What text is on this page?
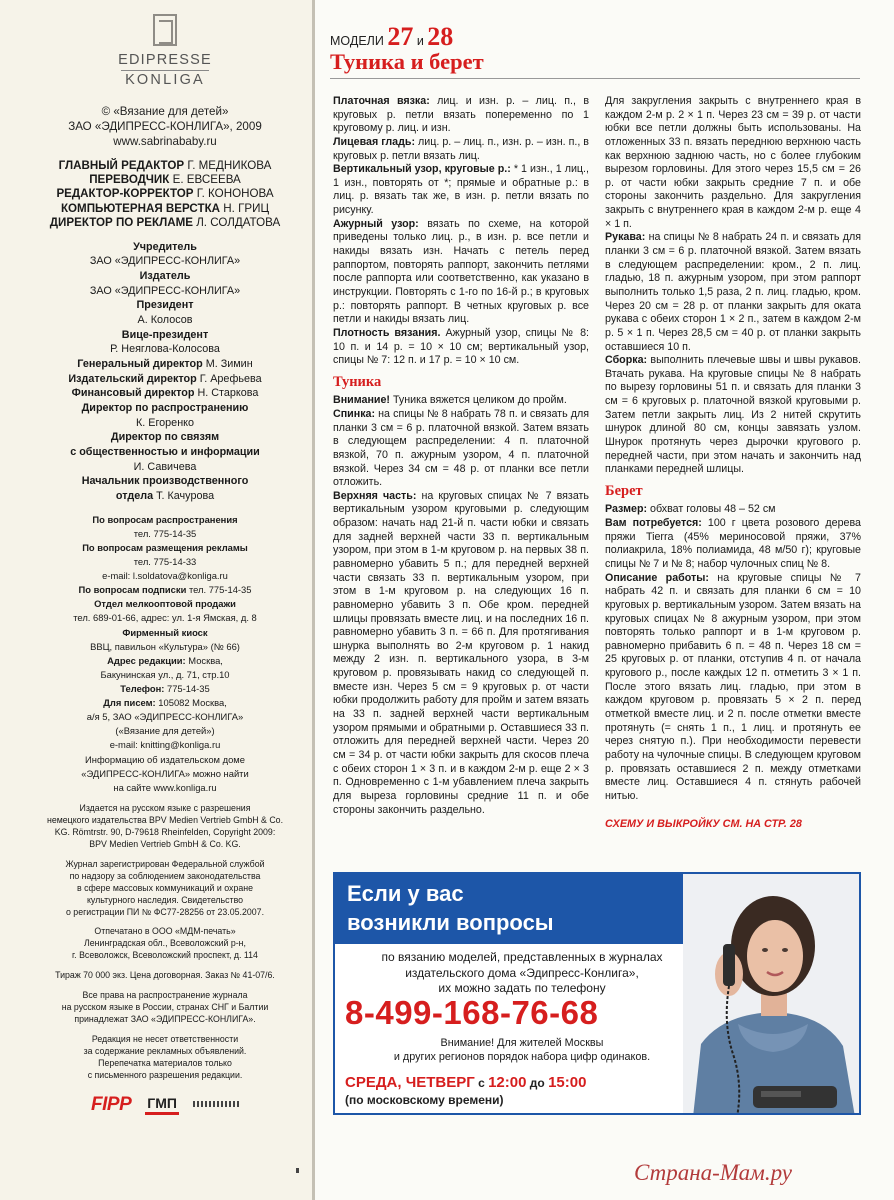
EDIPRESSE
KONLIGA
© «Вязание для детей»
ЗАО «ЭДИПРЕСС-КОНЛИГА», 2009
www.sabrinababy.ru
ГЛАВНЫЙ РЕДАКТОР Г. МЕДНИКОВА
ПЕРЕВОДЧИК Е. ЕВСЕЕВА
РЕДАКТОР-КОРРЕКТОР Г. КОНОНОВА
КОМПЬЮТЕРНАЯ ВЕРСТКА Н. ГРИЦ
ДИРЕКТОР ПО РЕКЛАМЕ Л. СОЛДАТОВА
Учредитель
ЗАО «ЭДИПРЕСС-КОНЛИГА»
Издатель
ЗАО «ЭДИПРЕСС-КОНЛИГА»
Президент
А. Колосов
Вице-президент
Р. Неяглова-Колосова
Генеральный директор М. Зимин
Издательский директор Г. Арефьева
Финансовый директор Н. Старкова
Директор по распространению
К. Егоренко
Директор по связям
с общественностью и информации
И. Савичева
Начальник производственного
отдела Т. Качурова
По вопросам распространения
тел. 775-14-35
По вопросам размещения рекламы
тел. 775-14-33
e-mail: l.soldatova@konliga.ru
По вопросам подписки тел. 775-14-35
Отдел мелкооптовой продажи
тел. 689-01-66, адрес: ул. 1-я Ямская, д. 8
Фирменный киоск
ВВЦ, павильон «Культура» (№ 66)
Адрес редакции: Москва,
Бакунинская ул., д. 71, стр.10
Телефон: 775-14-35
Для писем: 105082 Москва,
а/я 5, ЗАО «ЭДИПРЕСС-КОНЛИГА»
(«Вязание для детей»)
e-mail: knitting@konliga.ru
Информацию об издательском доме
«ЭДИПРЕСС-КОНЛИГА» можно найти
на сайте www.konliga.ru
Издается на русском языке с разрешения
немецкого издательства BPV Medien Vertrieb GmbH & Co.
KG. Römtrstr. 90, D-79618 Rheinfelden, Copyright 2009:
BPV Medien Vertrieb GmbH & Co. KG.
Журнал зарегистрирован Федеральной службой
по надзору за соблюдением законодательства
в сфере массовых коммуникаций и охране
культурного наследия. Свидетельство
о регистрации ПИ № ФС77-28256 от 23.05.2007.
Отпечатано в ООО «МДМ-печать»
Ленинградская обл., Всеволожский р-н,
г. Всеволожск, Всеволожский проспект, д. 114
Тираж 70 000 экз. Цена договорная. Заказ № 41-07/6.
Все права на распространение журнала
на русском языке в России, странах СНГ и Балтии
принадлежат ЗАО «ЭДИПРЕСС-КОНЛИГА».
Редакция не несет ответственности
за содержание рекламных объявлений.
Перепечатка материалов только
с письменного разрешения редакции.
FIPP ГМП
МОДЕЛИ 27 и 28
Туника и берет

Платочная вязка: лиц. и изн. р. – лиц. п., в круговых р. петли вязать попеременно по 1 круговому р. лиц. и изн.

Лицевая гладь: лиц. р. – лиц. п., изн. р. – изн. п., в круговых р. петли вязать лиц.

Вертикальный узор, круговые р.: * 1 изн., 1 лиц., 1 изн., повторять от *; прямые и обратные р.: в лиц. р. вязать так же, в изн. р. петли вязать по рисунку.

Ажурный узор: вязать по схеме, на которой приведены только лиц. р., в изн. р. все петли и накиды вязать изн. Начать с петель перед раппортом, повторять раппорт, закончить петлями после раппорта или соответственно, как указано в инструкции. Повторять с 1-го по 16-й р.; в круговых р.: повторять раппорт. В четных круговых р. все петли и накиды вязать лиц.

Плотность вязания. Ажурный узор, спицы № 8: 10 п. и 14 р. = 10 × 10 см; вертикальный узор, спицы № 7: 12 п. и 17 р. = 10 × 10 см.

Туника

Внимание! Туника вяжется целиком до пройм.

Спинка: на спицы № 8 набрать 78 п. и связать для планки 3 см = 6 р. платочной вязкой. Затем вязать в следующем распределении: 4 п. платочной вязкой, 70 п. ажурным узором, 4 п. платочной вязкой. Через 34 см = 48 р. от планки все петли отложить.

Верхняя часть: на круговых спицах № 7 вязать вертикальным узором круговыми р. следующим образом: начать над 21-й п. части юбки и связать для задней верхней части 33 п. вертикальным узором, при этом в 1-м круговом р. на первых 38 п. равномерно убавить 5 п.; для передней верхней части связать 33 п. вертикальным узором, при этом в 1-м круговом р. на следующих 16 п. равномерно убавить 3 п. Обе кром. передней шлицы провязать вместе лиц. и на последних 16 п. равномерно убавить 3 п. = 66 п. Для протягивания шнурка выполнять во 2-м круговом р. 1 накид между 2 изн. п. вертикального узора, в 3-м круговом р. провязывать накид со следующей п. вместе изн. Через 5 см = 9 круговых р. от части юбки продолжить работу для пройм и затем вязать на 33 п. задней верхней части вертикальным узором прямыми и обратными р. Оставшиеся 33 п. отложить для передней верхней части. Через 20 см = 34 р. от части юбки закрыть для скосов плеча с обеих сторон 1 × 3 п. и в каждом 2-м р. еще 2 × 3 п. Одновременно с 1-м убавлением плеча закрыть для выреза горловины средние 11 п. и обе стороны закончить раздельно.

Для закругления закрыть с внутреннего края в каждом 2-м р. 2 × 1 п. Через 23 см = 39 р. от части юбки все петли должны быть использованы. На отложенных 33 п. вязать переднюю верхнюю часть как верхнюю заднюю часть, но с более глубоким вырезом горловины. Для этого через 15,5 см = 26 р. от части юбки закрыть средние 7 п. и обе стороны закончить раздельно. Для закругления закрыть с внутреннего края в каждом 2-м р. еще 4 × 1 п.

Рукава: на спицы № 8 набрать 24 п. и связать для планки 3 см = 6 р. платочной вязкой. Затем вязать в следующем распределении: кром., 2 п. лиц. гладью, 18 п. ажурным узором, при этом раппорт выполнить только 1,5 раза, 2 п. лиц. гладью, кром. Через 20 см = 28 р. от планки закрыть для оката рукава с обеих сторон 1 × 2 п., затем в каждом 2-м р. 5 × 1 п. Через 28,5 см = 40 р. от планки закрыть оставшиеся 10 п.

Сборка: выполнить плечевые швы и швы рукавов. Втачать рукава. На круговые спицы № 8 набрать по вырезу горловины 51 п. и связать для планки 3 см = 6 круговых р. платочной вязкой круговыми р. Затем петли закрыть лиц. Из 2 нитей скрутить шнурок длиной 80 см, концы завязать узлом. Шнурок протянуть через дырочки кругового р. передней части, при этом начать и закончить над планками передней шлицы.

Берет

Размер: обхват головы 48 – 52 см

Вам потребуется: 100 г цвета розового дерева пряжи Tierra (45% мериносовой пряжи, 37% полиакрила, 18% полиамида, 48 м/50 г); круговые спицы № 7 и № 8; набор чулочных спиц № 8.

Описание работы: на круговые спицы № 7 набрать 42 п. и связать для планки 6 см = 10 круговых р. вертикальным узором. Затем вязать на круговых спицах № 8 ажурным узором, при этом повторять только раппорт и в 1-м круговом р. равномерно прибавить 6 п. = 48 п. Через 18 см = 25 круговых р. от планки, отступив 4 п. от начала кругового р., после каждых 12 п. отметить 3 × 1 п. После этого вязать лиц. гладью, при этом в каждом круговом р. провязать 5 × 2 п. перед отметкой вместе лиц. и 2 п. после отметки вместе протянуть (= снять 1 п., 1 лиц. и протянуть ее через снятую п.). При необходимости перевести работу на чулочные спицы. В следующем круговом р. провязать оставшиеся 2 п. между отметками вместе лиц. Оставшиеся 4 п. стянуть рабочей нитью.

СХЕМУ И ВЫКРОЙКУ СМ. НА СТР. 28
Если у вас
возникли вопросы
по вязанию моделей, представленных в журналах
издательского дома «Эдипресс-Конлига»,
их можно задать по телефону
8-499-168-76-68
Внимание! Для жителей Москвы
и других регионов порядок набора цифр одинаков.
СРЕДА, ЧЕТВЕРГ с 12:00 до 15:00
(по московскому времени)
Страна-Мам.ру
